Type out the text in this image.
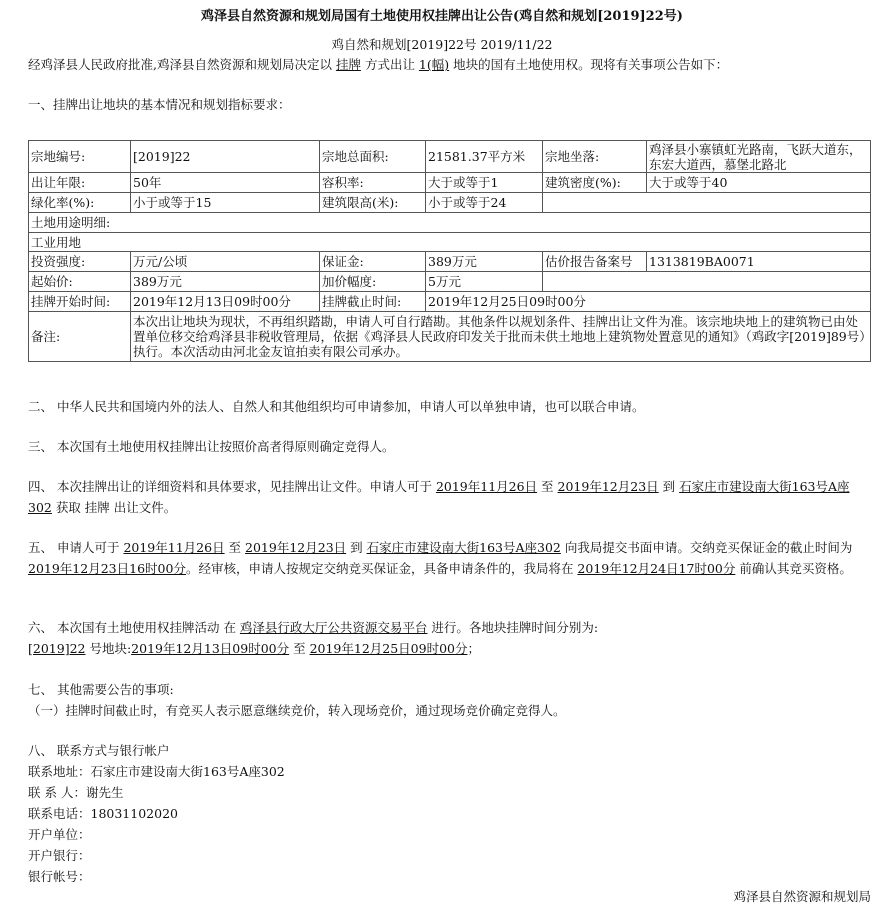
鸡泽县自然资源和规划局国有土地使用权挂牌出让公告(鸡自然和规划[2019]22号)
鸡自然和规划[2019]22号 2019/11/22
经鸡泽县人民政府批准,鸡泽县自然资源和规划局决定以 挂牌 方式出让 1(幅) 地块的国有土地使用权。现将有关事项公告如下：
一、挂牌出让地块的基本情况和规划指标要求：
宗地编号:	[2019]22	宗地总面积:	21581.37平方米	宗地坐落:	鸡泽县小寨镇虹光路南，飞跃大道东，东宏大道西，慕堡北路北
出让年限:	50年	容积率:	大于或等于1	建筑密度(%):	大于或等于40
绿化率(%):	小于或等于15	建筑限高(米):	小于或等于24		
土地用途明细:					
工业用地					
投资强度:	万元/公顷	保证金:	389万元	估价报告备案号	1313819BA0071
起始价:	389万元	加价幅度:	5万元		
挂牌开始时间:	2019年12月13日09时00分	挂牌截止时间:	2019年12月25日09时00分		
备注:	本次出让地块为现状，不再组织踏勘，申请人可自行踏勘。其他条件以规划条件、挂牌出让文件为准。该宗地块地上的建筑物已由处置单位移交给鸡泽县非税收管理局，依据《鸡泽县人民政府印发关于批而未供土地地上建筑物处置意见的通知》（鸡政字[2019]89号）执行。本次活动由河北金友谊拍卖有限公司承办。				
二、 中华人民共和国境内外的法人、自然人和其他组织均可申请参加，申请人可以单独申请，也可以联合申请。
三、 本次国有土地使用权挂牌出让按照价高者得原则确定竞得人。
四、 本次挂牌出让的详细资料和具体要求，见挂牌出让文件。申请人可于 2019年11月26日 至 2019年12月23日 到 石家庄市建设南大街163号A座302 获取 挂牌 出让文件。
五、 申请人可于 2019年11月26日 至 2019年12月23日 到 石家庄市建设南大街163号A座302 向我局提交书面申请。交纳竞买保证金的截止时间为2019年12月23日16时00分。经审核，申请人按规定交纳竞买保证金，具备申请条件的，我局将在 2019年12月24日17时00分 前确认其竞买资格。
六、 本次国有土地使用权挂牌活动 在 鸡泽县行政大厅公共资源交易平台 进行。各地块挂牌时间分别为:
[2019]22 号地块:2019年12月13日09时00分 至 2019年12月25日09时00分；
七、 其他需要公告的事项:
（一）挂牌时间截止时，有竞买人表示愿意继续竞价，转入现场竞价，通过现场竞价确定竞得人。
八、 联系方式与银行帐户
联系地址：石家庄市建设南大街163号A座302
联 系 人：谢先生
联系电话：18031102020
开户单位：
开户银行：
银行帐号：
鸡泽县自然资源和规划局
